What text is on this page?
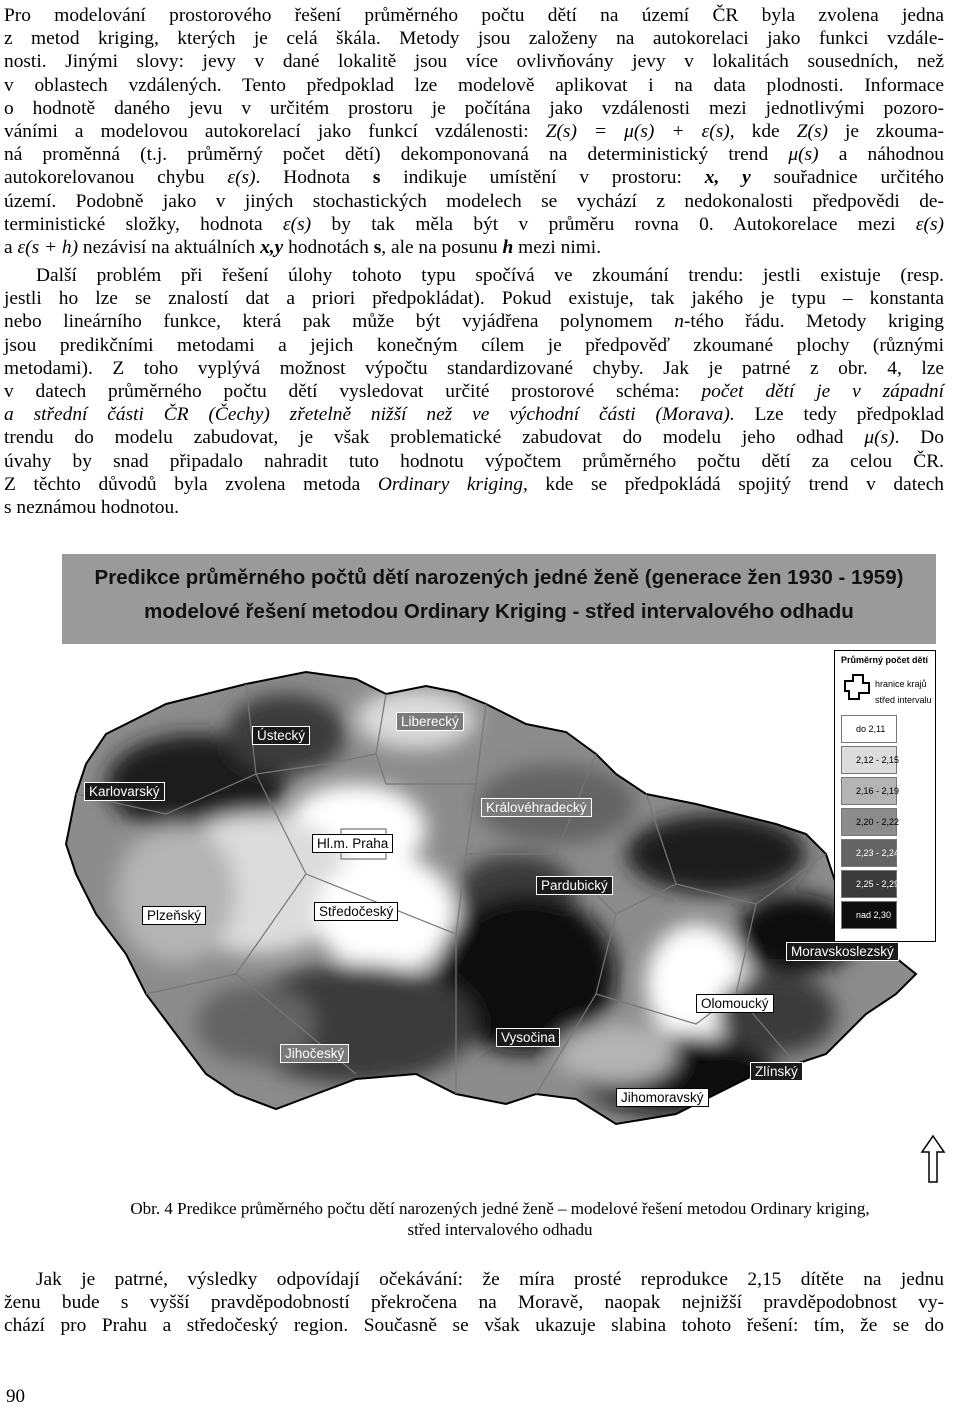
Pro modelování prostorového řešení průměrného počtu dětí na území ČR byla zvolena jedna
z metod kriging, kterých je celá škála. Metody jsou založeny na autokorelaci jako funkci vzdále-
nosti. Jinými slovy: jevy v dané lokalitě jsou více ovlivňovány jevy v lokalitách sousedních, než
v oblastech vzdálených. Tento předpoklad lze modelově aplikovat i na data plodnosti. Informace
o hodnotě daného jevu v určitém prostoru je počítána jako vzdálenosti mezi jednotlivými pozoro-
váními a modelovou autokorelací jako funkcí vzdálenosti: Z(s) = μ(s) + ε(s), kde Z(s) je zkouma-
ná proměnná (t.j. průměrný počet dětí) dekomponovaná na deterministický trend μ(s) a náhodnou
autokorelovanou chybu ε(s). Hodnota s indikuje umístění v prostoru: x, y souřadnice určitého
území. Podobně jako v jiných stochastických modelech se vychází z nedokonalosti předpovědi de-
terministické složky, hodnota ε(s) by tak měla být v průměru rovna 0. Autokorelace mezi ε(s)
a ε(s + h) nezávisí na aktuálních x,y hodnotách s, ale na posunu h mezi nimi.
Další problém při řešení úlohy tohoto typu spočívá ve zkoumání trendu: jestli existuje (resp.
jestli ho lze se znalostí dat a priori předpokládat). Pokud existuje, tak jakého je typu – konstanta
nebo lineárního funkce, která pak může být vyjádřena polynomem n-tého řádu. Metody kriging
jsou predikčními metodami a jejich konečným cílem je předpověď zkoumané plochy (různými
metodami). Z toho vyplývá možnost výpočtu standardizované chyby. Jak je patrné z obr. 4, lze
v datech průměrného počtu dětí vysledovat určité prostorové schéma: počet dětí je v západní
a střední části ČR (Čechy) zřetelně nižší než ve východní části (Morava). Lze tedy předpoklad
trendu do modelu zabudovat, je však problematické zabudovat do modelu jeho odhad μ(s). Do
úvahy by snad připadalo nahradit tuto hodnotu výpočtem průměrného počtu dětí za celou ČR.
Z těchto důvodů byla zvolena metoda Ordinary kriging, kde se předpokládá spojitý trend v datech
s neznámou hodnotou.
Predikce průměrného počtů dětí narozených jedné ženě (generace žen 1930 - 1959)
modelové řešení metodou Ordinary Kriging - střed intervalového odhadu
Liberecký
Ústecký
Karlovarský
Královéhradecký
Hl.m. Praha
Plzeňský	Středočeský
Pardubický
Moravskoslezský
Olomoucký
Vysočina
Jihočeský
Zlínský
Jihomoravský
Průměrný počet dětí
hranice krajů
střed intervalu
do 2,11
2,12 - 2,15
2,16 - 2,19
2,20 - 2,22
2,23 - 2,24
2,25 - 2,29
nad 2,30
Obr. 4 Predikce průměrného počtu dětí narozených jedné ženě – modelové řešení metodou Ordinary kriging,
střed intervalového odhadu
Jak je patrné, výsledky odpovídají očekávání: že míra prosté reprodukce 2,15 dítěte na jednu
ženu bude s vyšší pravděpodobností překročena na Moravě, naopak nejnižší pravděpodobnost vy-
chází pro Prahu a středočeský region. Současně se však ukazuje slabina tohoto řešení: tím, že se do
90
